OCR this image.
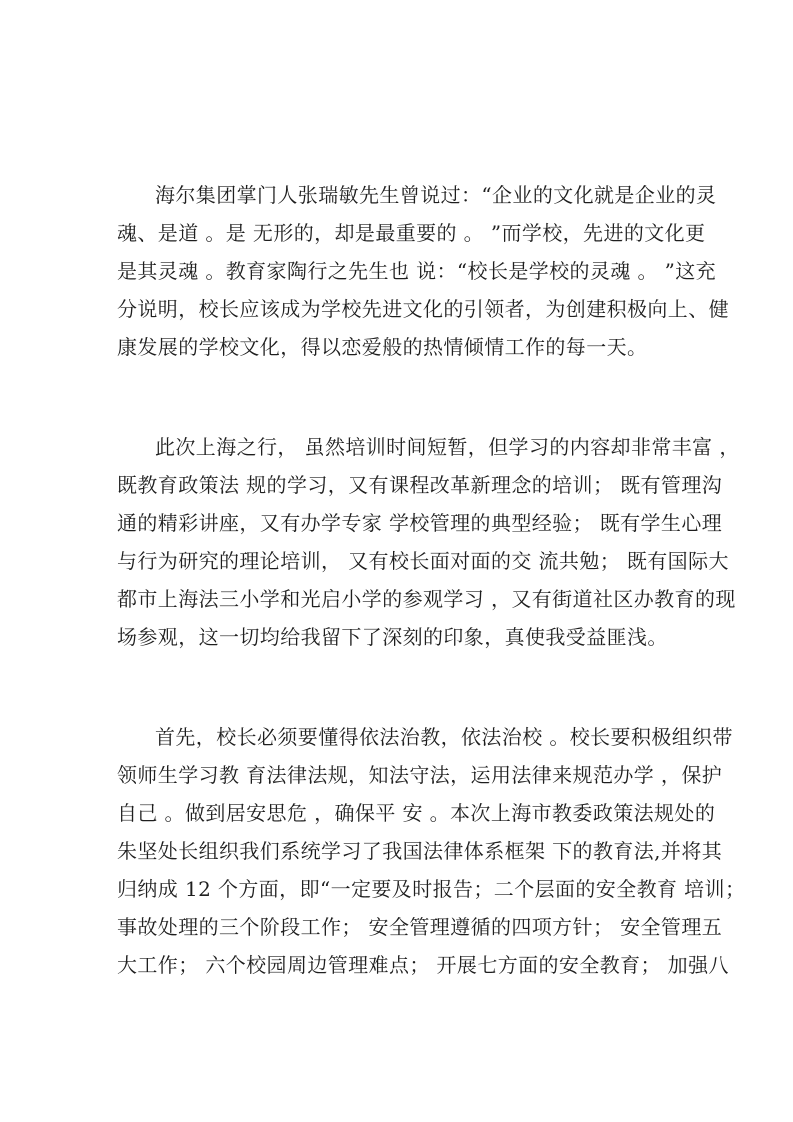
海尔集团掌门人张瑞敏先生曾说过：“企业的文化就是企业的灵
魂、是道 。是 无形的，却是最重要的 。 ”而学校，先进的文化更
是其灵魂 。教育家陶行之先生也 说：“校长是学校的灵魂 。 ”这充
分说明，校长应该成为学校先进文化的引领者，为创建积极向上、健
康发展的学校文化，得以恋爱般的热情倾情工作的每一天。
此次上海之行， 虽然培训时间短暂，但学习的内容却非常丰富 ，
既教育政策法 规的学习，又有课程改革新理念的培训； 既有管理沟
通的精彩讲座，又有办学专家 学校管理的典型经验； 既有学生心理
与行为研究的理论培训， 又有校长面对面的交 流共勉； 既有国际大
都市上海法三小学和光启小学的参观学习 ，又有街道社区办教育的现
场参观，这一切均给我留下了深刻的印象，真使我受益匪浅。
首先，校长必须要懂得依法治教，依法治校 。校长要积极组织带
领师生学习教 育法律法规，知法守法，运用法律来规范办学 ，保护
自己 。做到居安思危 ，确保平 安 。本次上海市教委政策法规处的
朱坚处长组织我们系统学习了我国法律体系框架 下的教育法,并将其
归纳成 12 个方面，即“一定要及时报告；二个层面的安全教育 培训；
事故处理的三个阶段工作； 安全管理遵循的四项方针； 安全管理五
大工作； 六个校园周边管理难点； 开展七方面的安全教育； 加强八
